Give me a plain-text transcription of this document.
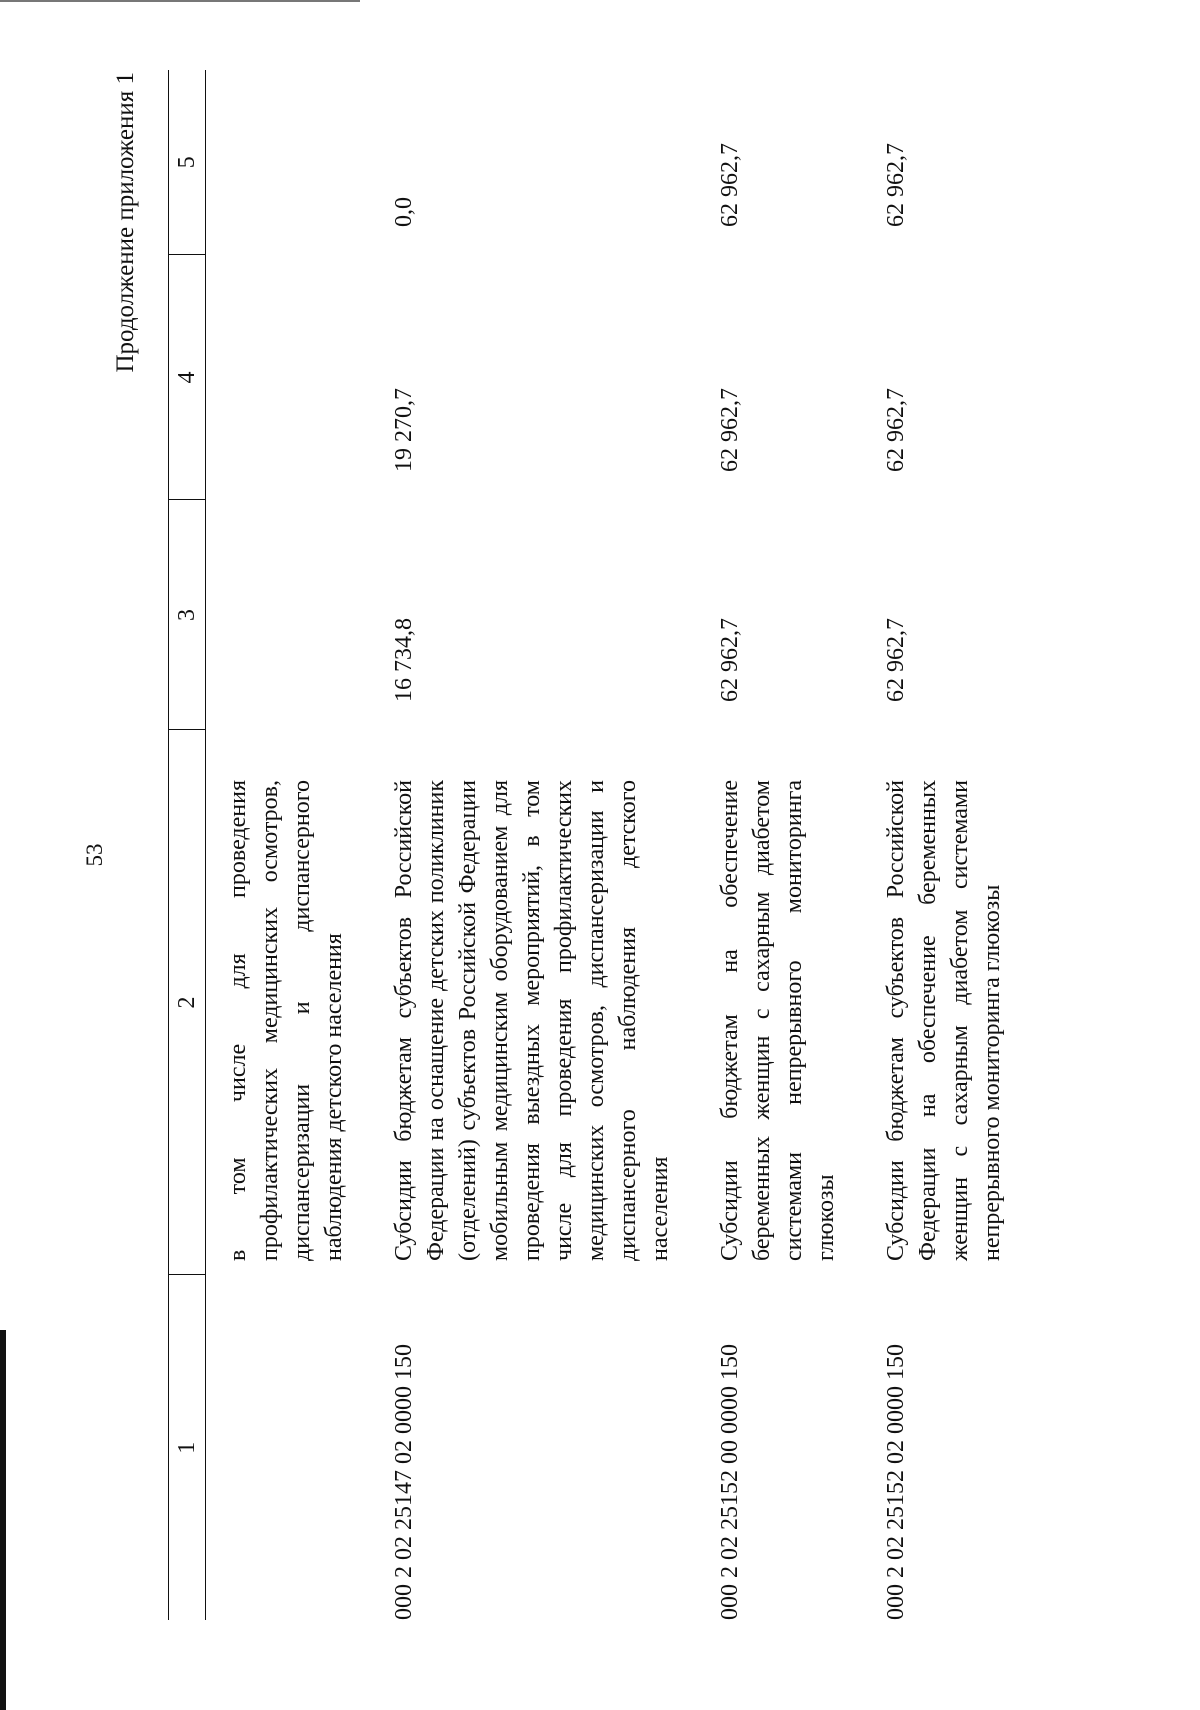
53
Продолжение приложения 1
1	2	3	4	5
	в том числе для проведения профилактических медицинских осмотров, диспансеризации и диспансерного наблюдения детского населения			
000 2 02 25147 02 0000 150	Субсидии бюджетам субъектов Российской Федерации на оснащение детских поликлиник (отделений) субъектов Российской Федерации мобильным медицинским оборудованием для проведения выездных мероприятий, в том числе для проведения профилактических медицинских осмотров, диспансеризации и диспансерного наблюдения детского населения	16 734,8	19 270,7	0,0
000 2 02 25152 00 0000 150	Субсидии бюджетам на обеспечение беременных женщин с сахарным диабетом системами непрерывного мониторинга глюкозы	62 962,7	62 962,7	62 962,7
000 2 02 25152 02 0000 150	Субсидии бюджетам субъектов Российской Федерации на обеспечение беременных женщин с сахарным диабетом системами непрерывного мониторинга глюкозы	62 962,7	62 962,7	62 962,7
